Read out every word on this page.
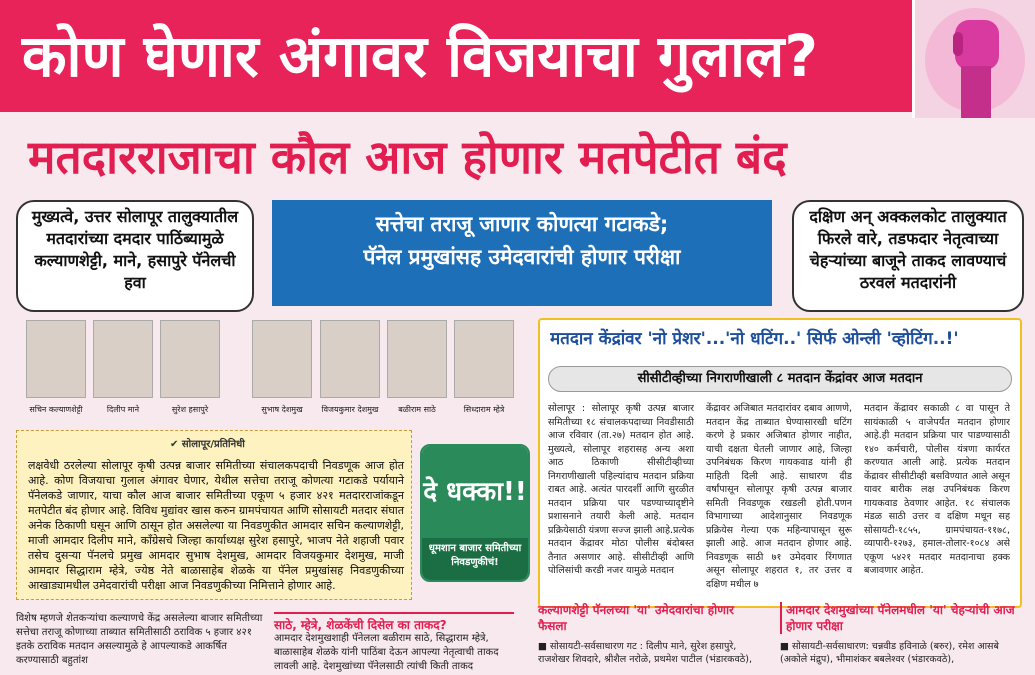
कोण घेणार अंगावर विजयाचा गुलाल?
मतदारराजाचा कौल आज होणार मतपेटीत बंद
मुख्यत्वे, उत्तर सोलापूर तालुक्यातील मतदारांच्या दमदार पाठिंब्यामुळे कल्याणशेट्टी, माने, हसापुरे पॅनेलची हवा
सत्तेचा तराजू जाणार कोणत्या गटाकडे;
पॅनेल प्रमुखांसह उमेदवारांची होणार परीक्षा
दक्षिण अन् अक्कलकोट तालुक्यात फिरले वारे, तडफदार नेतृत्वाच्या चेहऱ्यांच्या बाजूने ताकद लावण्याचं ठरवलं मतदारांनी
सचिन कल्याणशेट्टी	दिलीप माने	सुरेश हसापुरे	सुभाष देशमुख	विजयकुमार देशमुख	बळीराम साठे	सिध्दाराम म्हेत्रे
✔ सोलापूर/प्रतिनिधी
लक्षवेधी ठरलेल्या सोलापूर कृषी उत्पन्न बाजार समितीच्या संचालकपदाची निवडणूक आज होत आहे. कोण विजयाचा गुलाल अंगावर घेणार, येथील सत्तेचा तराजू कोणत्या गटाकडे पर्यायाने पॅनेलकडे जाणार, याचा कौल आज बाजार समितीच्या एकूण ५ हजार ४२१ मतदारराजांकडून मतपेटीत बंद होणार आहे. विविध मुद्यांवर खास करुन ग्रामपंचायत आणि सोसायटी मतदार संघात अनेक ठिकाणी घसून आणि ठासून होत असलेल्या या निवडणुकीत आमदार सचिन कल्याणशेट्टी, माजी आमदार दिलीप माने, काँग्रेसचे जिल्हा कार्याध्यक्ष सुरेश हसापुरे, भाजप नेते शहाजी पवार तसेच दुसऱ्या पॅनलचे प्रमुख आमदार सुभाष देशमुख, आमदार विजयकुमार देशमुख, माजी आमदार सिद्धाराम म्हेत्रे, ज्येष्ठ नेते बाळासाहेब शेळके या पॅनेल प्रमुखांसह निवडणुकीच्या आखाड्यामधील उमेदवारांची परीक्षा आज निवडणुकीच्या निमित्ताने होणार आहे.
दे धक्का!!
धूमशान बाजार समितीच्या निवडणुकीचं!
विशेष म्हणजे शेतकऱ्यांचा कल्याणचे केंद्र असलेल्या बाजार समितीच्या सत्तेचा तराजू कोणाच्या ताब्यात समितीसाठी ठराविक ५ हजार ४२१ इतके ठराविक मतदान असल्यामुळे हे आपल्याकडे आकर्षित करण्यासाठी बहुतांश
साठे, म्हेत्रे, शेळकेंची दिसेल का ताकद?
आमदार देशमुखशाही पॅनेलला बळीराम साठे, सिद्धाराम म्हेत्रे, बाळासाहेब शेळके यांनी पाठिंबा देऊन आपल्या नेतृत्वाची ताकद लावली आहे. देशमुखांच्या पॅनेलसाठी त्यांची किती ताकद
मतदान केंद्रांवर 'नो प्रेशर'...'नो धटिंग..' सिर्फ ओन्ली 'व्होटिंग..!'
सीसीटीव्हीच्या निगराणीखाली ८ मतदान केंद्रांवर आज मतदान
सोलापूर : सोलापूर कृषी उत्पन्न बाजार समितीच्या १८ संचालकपदाच्या निवडीसाठी आज रविवार (ता.२७) मतदान होत आहे. मुख्यत्वे, सोलापूर शहरासह अन्य अशा आठ ठिकाणी सीसीटीव्हीच्या निगराणीखाली पहिल्यांदाच मतदान प्रक्रिया राबत आहे. अत्यंत पारदर्शी आणि सुरळीत मतदान प्रक्रिया पार पडण्याच्यादृष्टीने प्रशासनाने तयारी केली आहे. मतदान प्रक्रियेसाठी यंत्रणा सज्ज झाली आहे.प्रत्येक मतदान केंद्रावर मोठा पोलीस बंदोबस्त तैनात असणार आहे. सीसीटीव्ही आणि पोलिसांची करडी नजर यामुळे मतदान
केंद्रावर अजिबात मतदारांवर दबाव आणणे, मतदान केंद्र ताब्यात घेण्यासारखी धटिंग करणे हे प्रकार अजिबात होणार नाहीत, याची दक्षता घेतली जाणार आहे, जिल्हा उपनिबंधक किरण गायकवाड यांनी ही माहिती दिली आहे. साधारण दीड वर्षांपासून सोलापूर कृषी उत्पन्न बाजार समिती निवडणूक रखडली होती.पणन विभागाच्या आदेशानुसार निवडणूक प्रक्रियेस गेल्या एक महिन्यापासून सुरू झाली आहे. आज मतदान होणार आहे. निवडणूक साठी ७१ उमेदवार रिंगणात असून सोलापूर शहरात १, तर उत्तर व दक्षिण मधील ७
मतदान केंद्रावर सकाळी ८ वा पासून ते सायंकाळी ५ वाजेपर्यंत मतदान होणार आहे.ही मतदान प्रक्रिया पार पाडण्यासाठी १४० कर्मचारी, पोलीस यंत्रणा कार्यरत करण्यात आली आहे. प्रत्येक मतदान केंद्रावर सीसीटीव्ही बसविण्यात आले असून यावर बारीक लक्ष उपनिबंधक किरण गायकवाड ठेवणार आहेत. १८ संचालक मंडळ साठी उत्तर व दक्षिण मधून सह सोसायटी-१८५५, ग्रामपंचायत-११७८, व्यापारी-१२७३, हमाल-तोलार-१०८४ असे एकूण ५४२१ मतदार मतदानाचा हक्क बजावणार आहेत.
कल्याणशेट्टी पॅनलच्या 'या' उमेदवारांचा होणार फैसला
■ सोसायटी-सर्वसाधारण गट : दिलीप माने, सुरेश हसापुरे, राजशेखर शिवदारे, श्रीशैल नरोळे, प्रथमेश पाटील (भंडारकवठे),
आमदार देशमुखांच्या पॅनेलमधील 'या' चेहऱ्यांची आज होणार परीक्षा
■ सोसायटी-सर्वसाधारण: चन्नवीड हविनाळे (बरुर), रमेश आसबे (अकोले मंद्रुप), भीमाशंकर बबलेश्वर (भंडारकवठे),
